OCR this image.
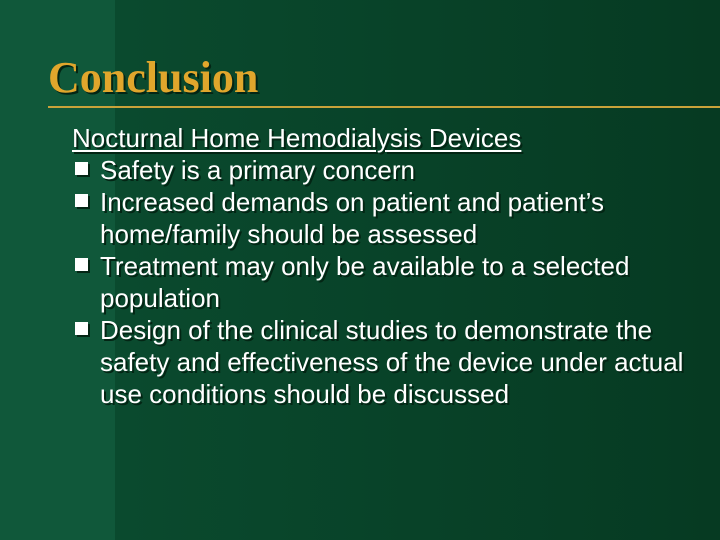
Conclusion
Nocturnal Home Hemodialysis Devices
Safety is a primary concern
Increased demands on patient and patient’s home/family should be assessed
Treatment may only be available to a selected population
Design of the clinical studies to demonstrate the safety and effectiveness of the device under actual use conditions should be discussed
